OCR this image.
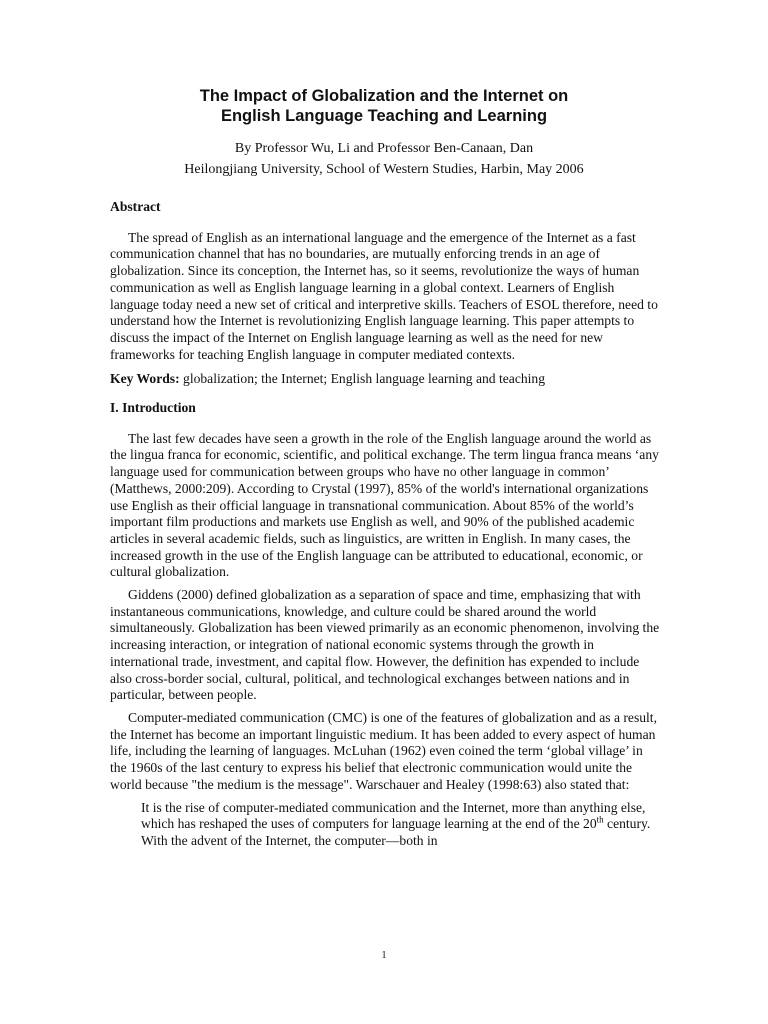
The Impact of Globalization and the Internet on
English Language Teaching and Learning
By Professor Wu, Li and Professor Ben-Canaan, Dan
Heilongjiang University, School of Western Studies, Harbin, May 2006
Abstract

The spread of English as an international language and the emergence of the Internet as a fast communication channel that has no boundaries, are mutually enforcing trends in an age of globalization. Since its conception, the Internet has, so it seems, revolutionize the ways of human communication as well as English language learning in a global context. Learners of English language today need a new set of critical and interpretive skills. Teachers of ESOL therefore, need to understand how the Internet is revolutionizing English language learning. This paper attempts to discuss the impact of the Internet on English language learning as well as the need for new frameworks for teaching English language in computer mediated contexts.

Key Words: globalization; the Internet; English language learning and teaching

I. Introduction

The last few decades have seen a growth in the role of the English language around the world as the lingua franca for economic, scientific, and political exchange. The term lingua franca means ‘any language used for communication between groups who have no other language in common’ (Matthews, 2000:209). According to Crystal (1997), 85% of the world's international organizations use English as their official language in transnational communication. About 85% of the world’s important film productions and markets use English as well, and 90% of the published academic articles in several academic fields, such as linguistics, are written in English. In many cases, the increased growth in the use of the English language can be attributed to educational, economic, or cultural globalization.

Giddens (2000) defined globalization as a separation of space and time, emphasizing that with instantaneous communications, knowledge, and culture could be shared around the world simultaneously. Globalization has been viewed primarily as an economic phenomenon, involving the increasing interaction, or integration of national economic systems through the growth in international trade, investment, and capital flow. However, the definition has expended to include also cross-border social, cultural, political, and technological exchanges between nations and in particular, between people.

Computer-mediated communication (CMC) is one of the features of globalization and as a result, the Internet has become an important linguistic medium. It has been added to every aspect of human life, including the learning of languages. McLuhan (1962) even coined the term ‘global village’ in the 1960s of the last century to express his belief that electronic communication would unite the world because "the medium is the message". Warschauer and Healey (1998:63) also stated that:

It is the rise of computer-mediated communication and the Internet, more than anything else, which has reshaped the uses of computers for language learning at the end of the 20th century. With the advent of the Internet, the computer—both in

1
